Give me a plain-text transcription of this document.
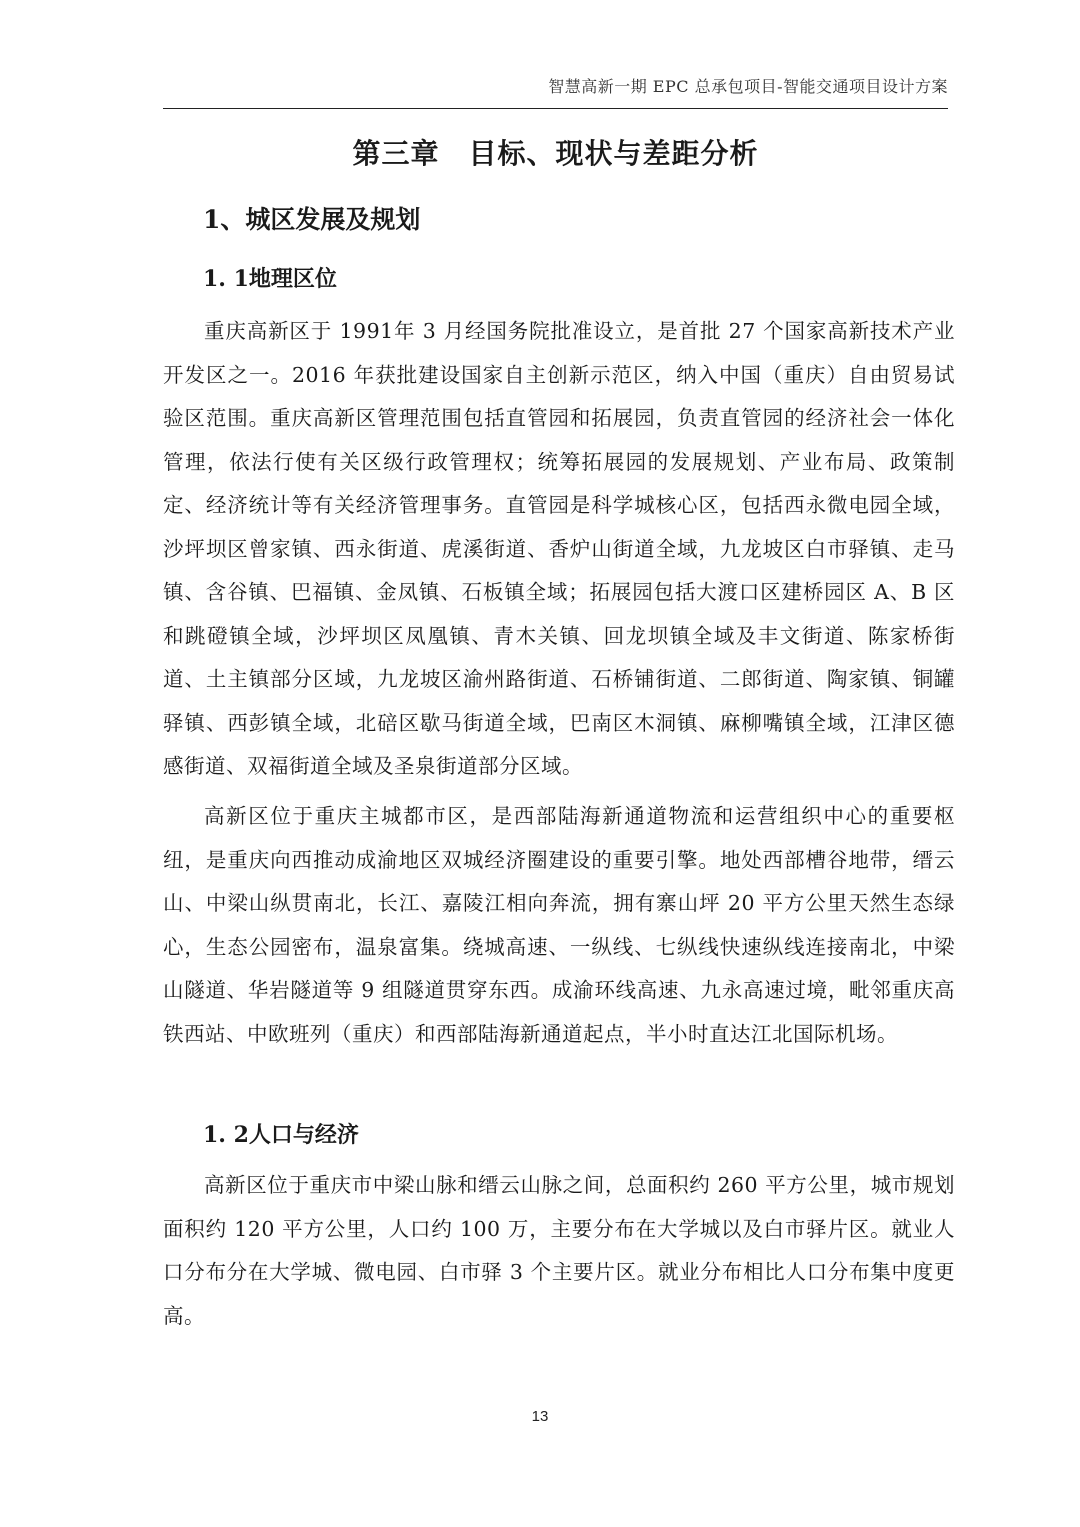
智慧高新一期 EPC 总承包项目-智能交通项目设计方案
第三章　目标、现状与差距分析
1、城区发展及规划
1. 1地理区位

重庆高新区于 1991年 3 月经国务院批准设立，是首批 27 个国家高新技术产业开发区之一。2016 年获批建设国家自主创新示范区，纳入中国（重庆）自由贸易试验区范围。重庆高新区管理范围包括直管园和拓展园，负责直管园的经济社会一体化管理，依法行使有关区级行政管理权；统筹拓展园的发展规划、产业布局、政策制定、经济统计等有关经济管理事务。直管园是科学城核心区，包括西永微电园全域，沙坪坝区曾家镇、西永街道、虎溪街道、香炉山街道全域，九龙坡区白市驿镇、走马镇、含谷镇、巴福镇、金凤镇、石板镇全域；拓展园包括大渡口区建桥园区 A、B 区和跳磴镇全域，沙坪坝区凤凰镇、青木关镇、回龙坝镇全域及丰文街道、陈家桥街道、土主镇部分区域，九龙坡区渝州路街道、石桥铺街道、二郎街道、陶家镇、铜罐驿镇、西彭镇全域，北碚区歇马街道全域，巴南区木洞镇、麻柳嘴镇全域，江津区德感街道、双福街道全域及圣泉街道部分区域。

高新区位于重庆主城都市区，是西部陆海新通道物流和运营组织中心的重要枢纽，是重庆向西推动成渝地区双城经济圈建设的重要引擎。地处西部槽谷地带，缙云山、中梁山纵贯南北，长江、嘉陵江相向奔流，拥有寨山坪 20 平方公里天然生态绿心，生态公园密布，温泉富集。绕城高速、一纵线、七纵线快速纵线连接南北，中梁山隧道、华岩隧道等 9 组隧道贯穿东西。成渝环线高速、九永高速过境，毗邻重庆高铁西站、中欧班列（重庆）和西部陆海新通道起点，半小时直达江北国际机场。

1. 2人口与经济

高新区位于重庆市中梁山脉和缙云山脉之间，总面积约 260 平方公里，城市规划面积约 120 平方公里，人口约 100 万，主要分布在大学城以及白市驿片区。就业人口分布分在大学城、微电园、白市驿 3 个主要片区。就业分布相比人口分布集中度更高。

13
